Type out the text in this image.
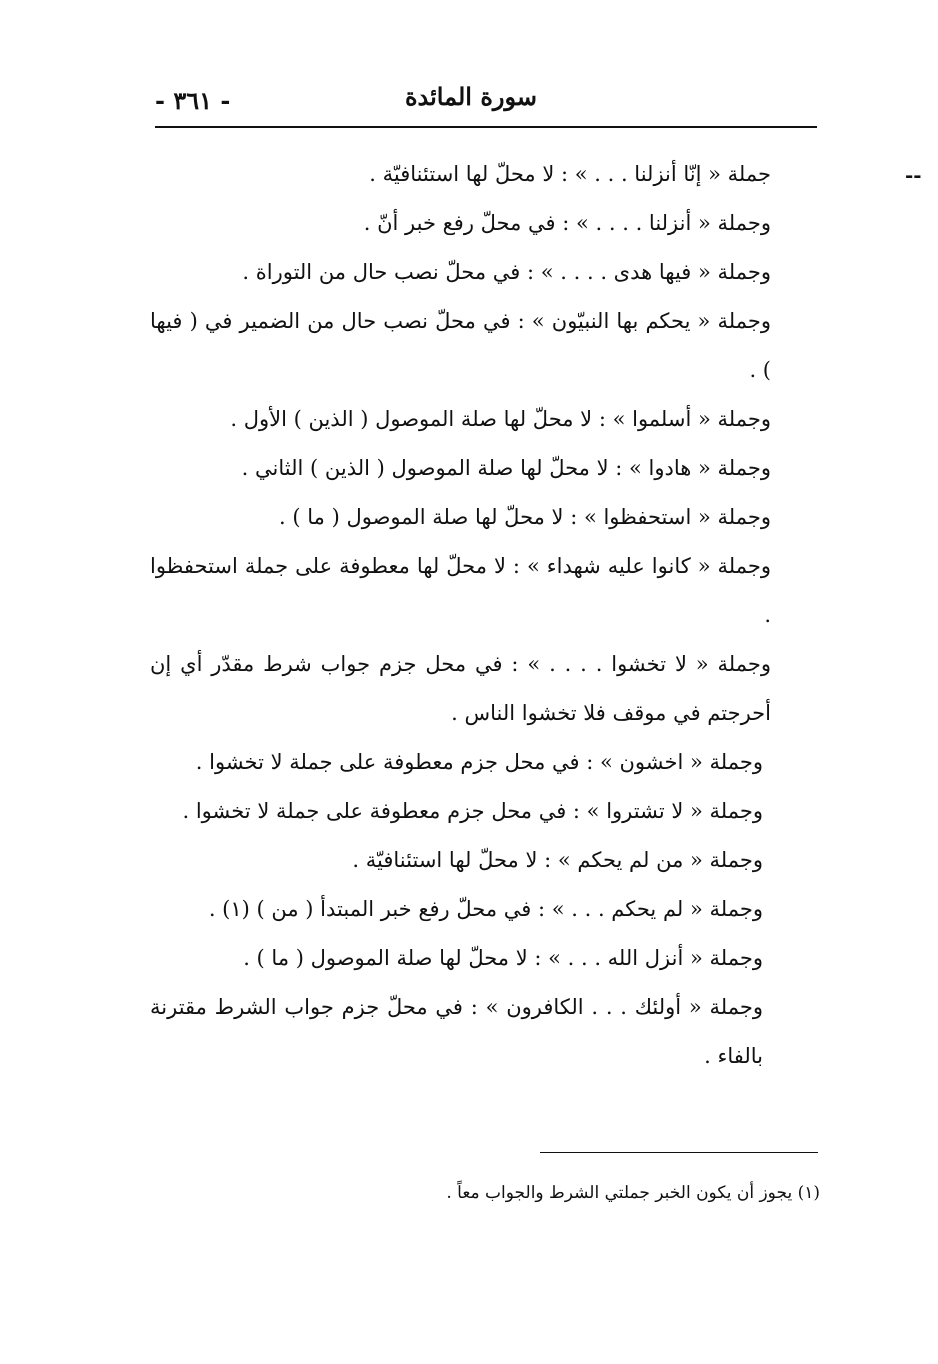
- ٣٦١ -	سورة المائدة
--

جملة « إنّا أنزلنا . . . » : لا محلّ لها استئنافيّة .

وجملة « أنزلنا . . . . » : في محلّ رفع خبر أنّ .

وجملة « فيها هدى . . . . » : في محلّ نصب حال من التوراة .

وجملة « يحكم بها النبيّون » : في محلّ نصب حال من الضمير في ( فيها ) .

وجملة « أسلموا » : لا محلّ لها صلة الموصول ( الذين ) الأول .

وجملة « هادوا » : لا محلّ لها صلة الموصول ( الذين ) الثاني .

وجملة « استحفظوا » : لا محلّ لها صلة الموصول ( ما ) .

وجملة « كانوا عليه شهداء » : لا محلّ لها معطوفة على جملة استحفظوا .

وجملة « لا تخشوا . . . . » : في محل جزم جواب شرط مقدّر أي إن أحرجتم في موقف فلا تخشوا الناس .

وجملة « اخشون » : في محل جزم معطوفة على جملة لا تخشوا .

وجملة « لا تشتروا » : في محل جزم معطوفة على جملة لا تخشوا .

وجملة « من لم يحكم » : لا محلّ لها استئنافيّة .

وجملة « لم يحكم . . . » : في محلّ رفع خبر المبتدأ ( من ) (١) .

وجملة « أنزل الله . . . » : لا محلّ لها صلة الموصول ( ما ) .

وجملة « أولئك . . . الكافرون » : في محلّ جزم جواب الشرط مقترنة بالفاء .

(١) يجوز أن يكون الخبر جملتي الشرط والجواب معاً .
